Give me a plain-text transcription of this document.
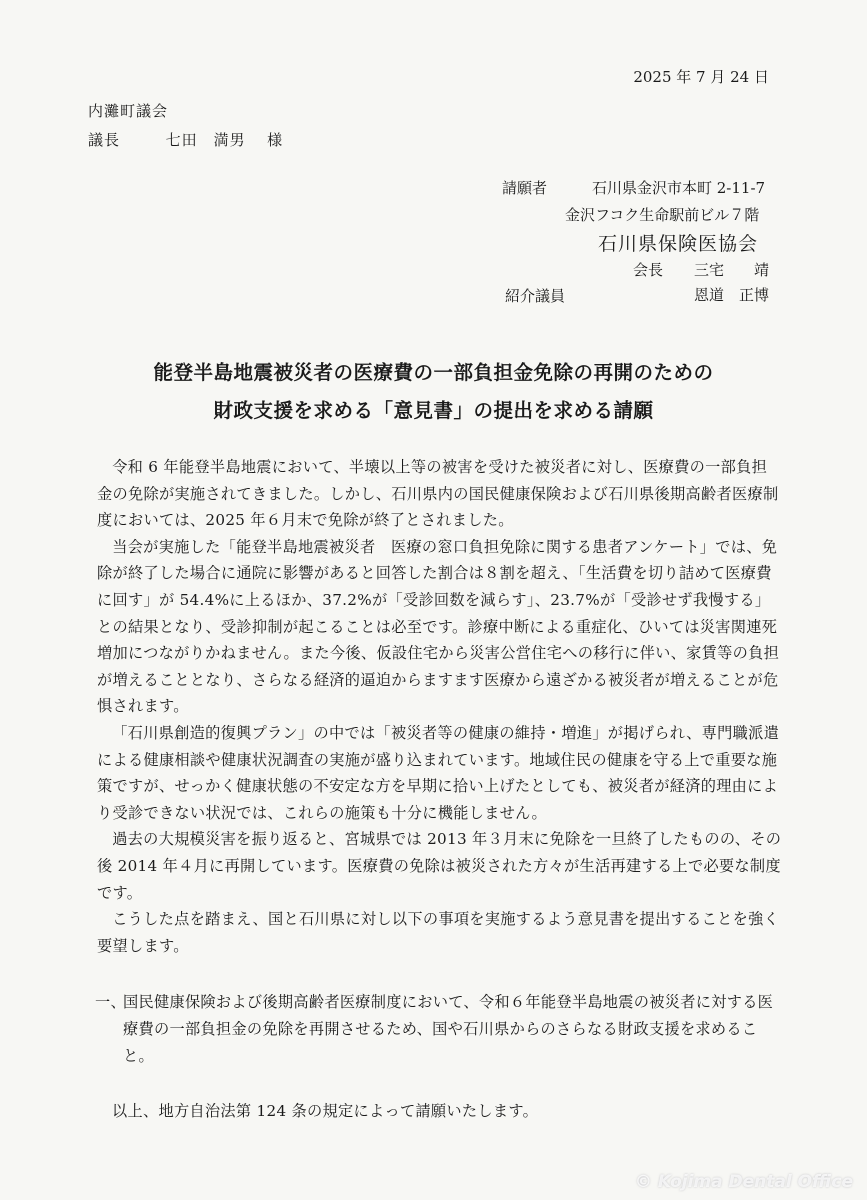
2025 年 7 月 24 日
内灘町議会
議長	七田　満男 様
請願者	石川県金沢市本町 2-11-7
金沢フコク生命駅前ビル７階
石川県保険医協会
会長 三宅　　靖
紹介議員	恩道　正博
能登半島地震被災者の医療費の一部負担金免除の再開のための
財政支援を求める「意見書」の提出を求める請願

令和 6 年能登半島地震において、半壊以上等の被害を受けた被災者に対し、医療費の一部負担金の免除が実施されてきました。しかし、石川県内の国民健康保険および石川県後期高齢者医療制度においては、2025 年６月末で免除が終了とされました。

当会が実施した「能登半島地震被災者　医療の窓口負担免除に関する患者アンケート」では、免除が終了した場合に通院に影響があると回答した割合は８割を超え、「生活費を切り詰めて医療費に回す」が 54.4%に上るほか、37.2%が「受診回数を減らす」、23.7%が「受診せず我慢する」との結果となり、受診抑制が起こることは必至です。診療中断による重症化、ひいては災害関連死増加につながりかねません。また今後、仮設住宅から災害公営住宅への移行に伴い、家賃等の負担が増えることとなり、さらなる経済的逼迫からますます医療から遠ざかる被災者が増えることが危惧されます。

「石川県創造的復興プラン」の中では「被災者等の健康の維持・増進」が掲げられ、専門職派遣による健康相談や健康状況調査の実施が盛り込まれています。地域住民の健康を守る上で重要な施策ですが、せっかく健康状態の不安定な方を早期に拾い上げたとしても、被災者が経済的理由により受診できない状況では、これらの施策も十分に機能しません。

過去の大規模災害を振り返ると、宮城県では 2013 年３月末に免除を一旦終了したものの、その後 2014 年４月に再開しています。医療費の免除は被災された方々が生活再建する上で必要な制度です。

こうした点を踏まえ、国と石川県に対し以下の事項を実施するよう意見書を提出することを強く要望します。

一、
国民健康保険および後期高齢者医療制度において、令和６年能登半島地震の被災者に対する医療費の一部負担金の免除を再開させるため、国や石川県からのさらなる財政支援を求めること。
以上、地方自治法第 124 条の規定によって請願いたします。
© Kojima Dental Office
